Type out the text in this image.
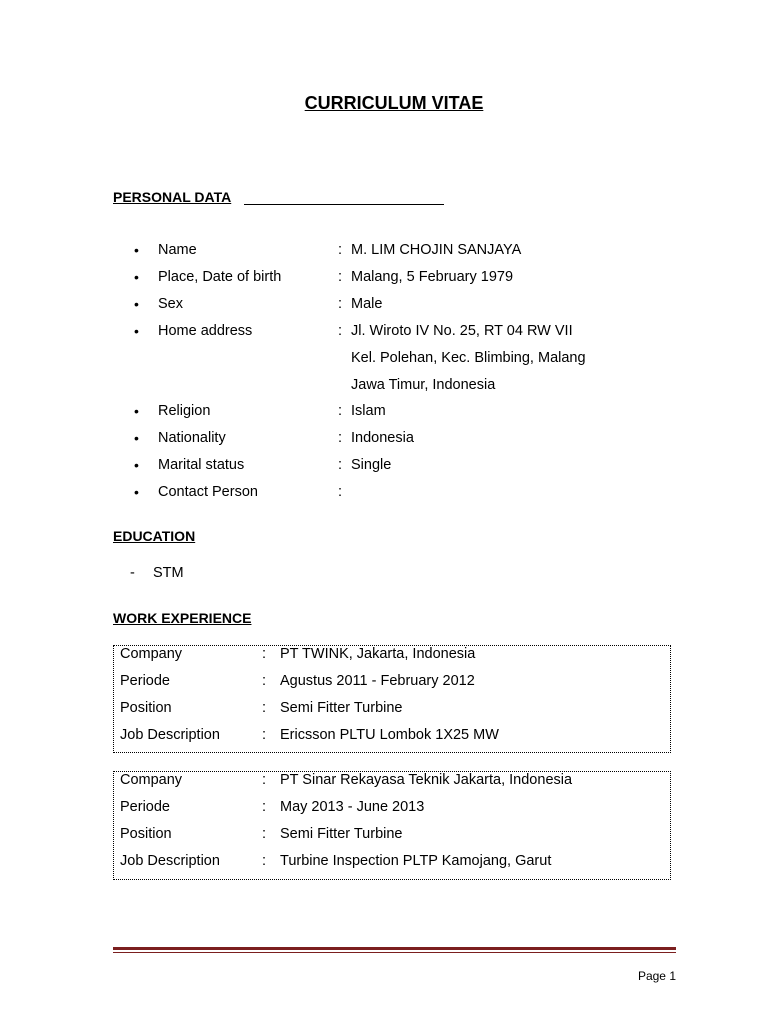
CURRICULUM VITAE
PERSONAL DATA
• Name	: M. LIM CHOJIN SANJAYA
• Place, Date of birth	: Malang, 5 February 1979
• Sex	: Male
• Home address	: Jl. Wiroto IV No. 25, RT 04 RW VII
Kel. Polehan, Kec. Blimbing, Malang
Jawa Timur, Indonesia
• Religion	: Islam
• Nationality	: Indonesia
• Marital status	: Single
• Contact Person	:
EDUCATION
- STM
WORK EXPERIENCE
Company	: PT TWINK, Jakarta, Indonesia
Periode	: Agustus 2011 - February 2012
Position	: Semi Fitter Turbine
Job Description	: Ericsson PLTU Lombok 1X25 MW
Company	: PT Sinar Rekayasa Teknik Jakarta, Indonesia
Periode	: May 2013 - June 2013
Position	: Semi Fitter Turbine
Job Description	: Turbine Inspection PLTP Kamojang, Garut
Page 1
